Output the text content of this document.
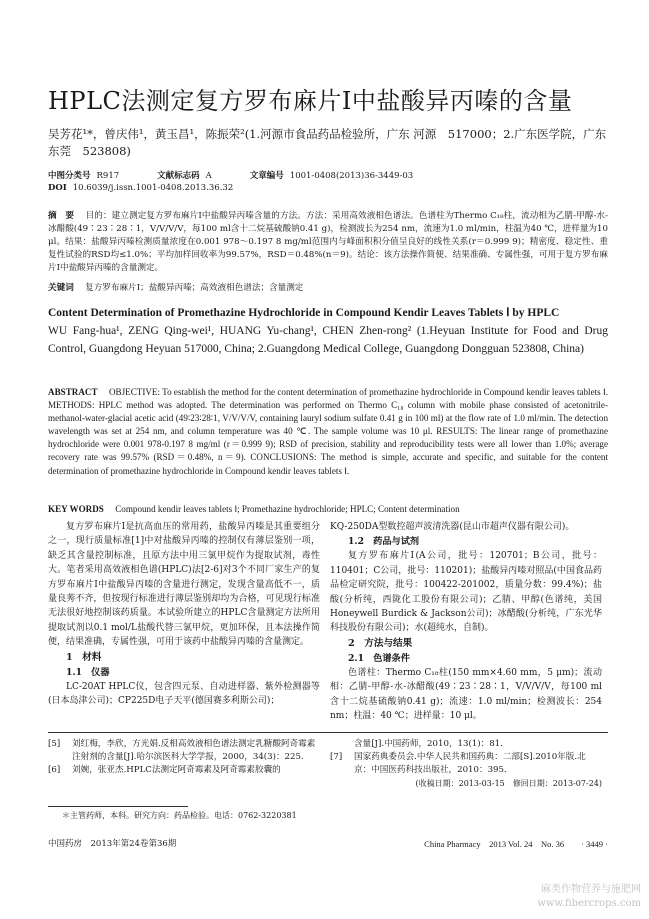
HPLC法测定复方罗布麻片Ⅰ中盐酸异丙嗪的含量
吴芳花¹*，曾庆伟¹，黄玉昌¹，陈振荣²(1.河源市食品药品检验所，广东 河源　517000；2.广东医学院，广东 东莞　523808)
中图分类号 R917	文献标志码 A	文章编号 1001-0408(2013)36-3449-03
DOI 10.6039/j.issn.1001-0408.2013.36.32
摘　要 　 目的：建立测定复方罗布麻片Ⅰ中盐酸异丙嗪含量的方法。方法：采用高效液相色谱法。色谱柱为Thermo C₁₈柱，流动相为乙腈-甲醇-水-冰醋酸(49∶23∶28∶1，V/V/V/V，每100 ml含十二烷基硫酸钠0.41 g)，检测波长为254 nm，流速为1.0 ml/min，柱温为40 ℃，进样量为10 μl。结果：盐酸异丙嗪检测质量浓度在0.001 978～0.197 8 mg/ml范围内与峰面积积分值呈良好的线性关系(r＝0.999 9)；精密度、稳定性、重复性试验的RSD均≤1.0%；平均加样回收率为99.57%，RSD＝0.48%(n＝9)。结论：该方法操作简便、结果准确、专属性强，可用于复方罗布麻片Ⅰ中盐酸异丙嗪的含量测定。
关键词 　 复方罗布麻片Ⅰ；盐酸异丙嗪；高效液相色谱法；含量测定
Content Determination of Promethazine Hydrochloride in Compound Kendir Leaves Tablets Ⅰ by HPLC
WU Fang-hua¹, ZENG Qing-wei¹, HUANG Yu-chang¹, CHEN Zhen-rong² (1.Heyuan Institute for Food and Drug Control, Guangdong Heyuan 517000, China; 2.Guangdong Medical College, Guangdong Dongguan 523808, China)
ABSTRACT 　 OBJECTIVE: To establish the method for the content determination of promethazine hydrochloride in Compound kendir leaves tablets Ⅰ. METHODS: HPLC method was adopted. The determination was performed on Thermo C₁₈ column with mobile phase consisted of acetonitrile-methanol-water-glacial acetic acid (49∶23∶28∶1, V/V/V/V, containing lauryl sodium sulfate 0.41 g in 100 ml) at the flow rate of 1.0 ml/min. The detection wavelength was set at 254 nm, and column temperature was 40 ℃. The sample volume was 10 μl. RESULTS: The linear range of promethazine hydrochloride were 0.001 978-0.197 8 mg/ml (r＝0.999 9); RSD of precision, stability and reproducibility tests were all lower than 1.0%; average recovery rate was 99.57% (RSD＝0.48%, n＝9). CONCLUSIONS: The method is simple, accurate and specific, and suitable for the content determination of promethazine hydrochloride in Compound kendir leaves tablets Ⅰ.
KEY WORDS 　 Compound kendir leaves tablets Ⅰ; Promethazine hydrochloride; HPLC; Content determination

复方罗布麻片Ⅰ是抗高血压的常用药，盐酸异丙嗪是其重要组分之一，现行质量标准[1]中对盐酸异丙嗪的控制仅有薄层鉴别一项，缺乏其含量控制标准，且原方法中用三氯甲烷作为提取试剂，毒性大。笔者采用高效液相色谱(HPLC)法[2-6]对3个不同厂家生产的复方罗布麻片Ⅰ中盐酸异丙嗪的含量进行测定，发现含量高低不一，质量良莠不齐，但按现行标准进行薄层鉴别却均为合格，可见现行标准无法很好地控制该药质量。本试验所建立的HPLC含量测定方法所用提取试剂以0.1 mol/L盐酸代替三氯甲烷，更加环保，且本法操作简便，结果准确，专属性强，可用于该药中盐酸异丙嗪的含量测定。

1　材料

1.1　仪器

LC-20AT HPLC仪，包含四元泵、自动进样器、紫外检测器等(日本岛津公司)；CP225D电子天平(德国赛多利斯公司)；

KQ-250DA型数控超声波清洗器(昆山市超声仪器有限公司)。

1.2　药品与试剂

复方罗布麻片Ⅰ(A公司，批号：120701；B公司，批号：110401；C公司，批号：110201)；盐酸异丙嗪对照品(中国食品药品检定研究院，批号：100422-201002，质量分数：99.4%)；盐酸(分析纯，西陇化工股份有限公司)；乙腈、甲醇(色谱纯，美国Honeywell Burdick & Jackson公司)；冰醋酸(分析纯，广东光华科技股份有限公司)；水(超纯水，自制)。

2　方法与结果

2.1　色谱条件

色谱柱：Thermo C₁₈柱(150 mm×4.60 mm，5 μm)；流动相：乙腈-甲醇-水-冰醋酸(49∶23∶28∶1，V/V/V/V，每100 ml含十二烷基硫酸钠0.41 g)；流速：1.0 ml/min；检测波长：254 nm；柱温：40 ℃；进样量：10 μl。

[5]	刘红梅，李欣，方光娟.反相高效液相色谱法测定乳糖酸阿奇霉素注射剂的含量[J].哈尔滨医科大学学报，2000，34(3)：225.
[6]	刘婉，张亚杰.HPLC法测定阿奇霉素及阿奇霉素胶囊的
含量[J].中国药师，2010，13(1)：81.
[7]	国家药典委员会.中华人民共和国药典：二部[S].2010年版.北京：中国医药科技出版社，2010：395.
(收稿日期：2013-03-15　修回日期：2013-07-24)
＊主管药师，本科。研究方向：药品检验。电话：0762-3220381
中国药房　2013年第24卷第36期	China Pharmacy　2013 Vol. 24　No. 36　　· 3449 ·
麻类作物营养与施肥网
www.fibercrops.com
